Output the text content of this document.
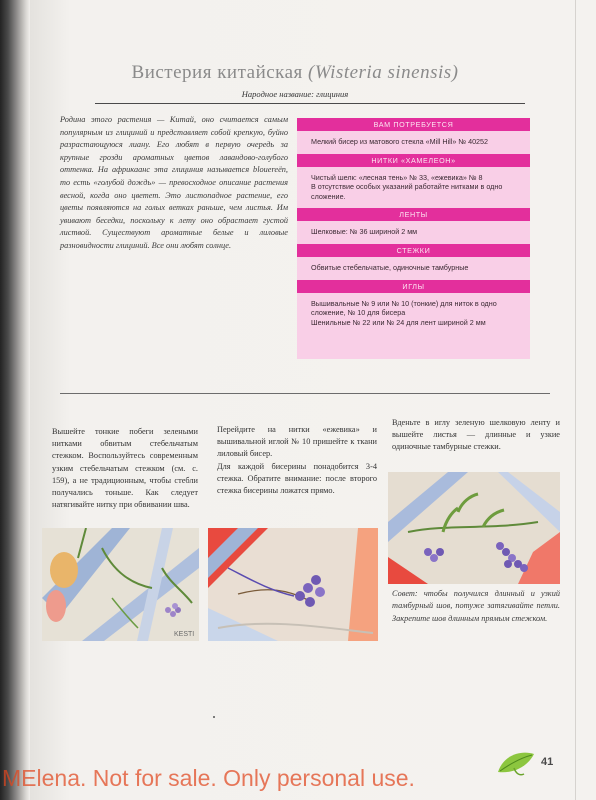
Вистерия китайская (Wisteria sinensis)
Народное название: глициния
Родина этого растения — Китай, оно считается самым популярным из глициний и представляет собой крепкую, буйно разрастающуюся лиану. Его любят в первую очередь за крупные грозди ароматных цветов лавандово-голубого оттенка. На африкаанс эта глициния называется blouereën, то есть «голубой дождь» — превосходное описание растения весной, когда оно цветет. Это листопадное растение, его цветы появляются на голых ветках раньше, чем листья. Им увивают беседки, поскольку к лету оно обрастает густой листвой. Существуют ароматные белые и лиловые разновидности глициний. Все они любят солнце.
ВАМ ПОТРЕБУЕТСЯ
Мелкий бисер из матового стекла «Mill Hill» № 40252
НИТКИ «ХАМЕЛЕОН»
Чистый шелк: «лесная тень» № 33, «ежевика» № 8
В отсутствие особых указаний работайте нитками в одно сложение.
ЛЕНТЫ
Шелковые: № 36 шириной 2 мм
СТЕЖКИ
Обвитые стебельчатые, одиночные тамбурные
ИГЛЫ
Вышивальные № 9 или № 10 (тонкие) для ниток в одно сложение, № 10 для бисера
Шенильные № 22 или № 24 для лент шириной 2 мм
Вышейте тонкие побеги зелеными нитками обвитым стебельчатым стежком. Воспользуйтесь современным узким стебельчатым стежком (см. с. 159), а не традиционным, чтобы стебли получались тоньше. Как следует натягивайте нитку при обвивании шва.
Перейдите на нитки «ежевика» и вышивальной иглой № 10 пришейте к ткани лиловый бисер.
Для каждой бисерины понадобится 3-4 стежка. Обратите внимание: после второго стежка бисерины ложатся прямо.
Вденьте в иглу зеленую шелковую ленту и вышейте листья — длинные и узкие одиночные тамбурные стежки.
KESTI
Совет: чтобы получился длинный и узкий тамбурный шов, потуже затягивайте петли. Закрепите шов длинным прямым стежком.
41
MElena. Not for sale. Only personal use.
